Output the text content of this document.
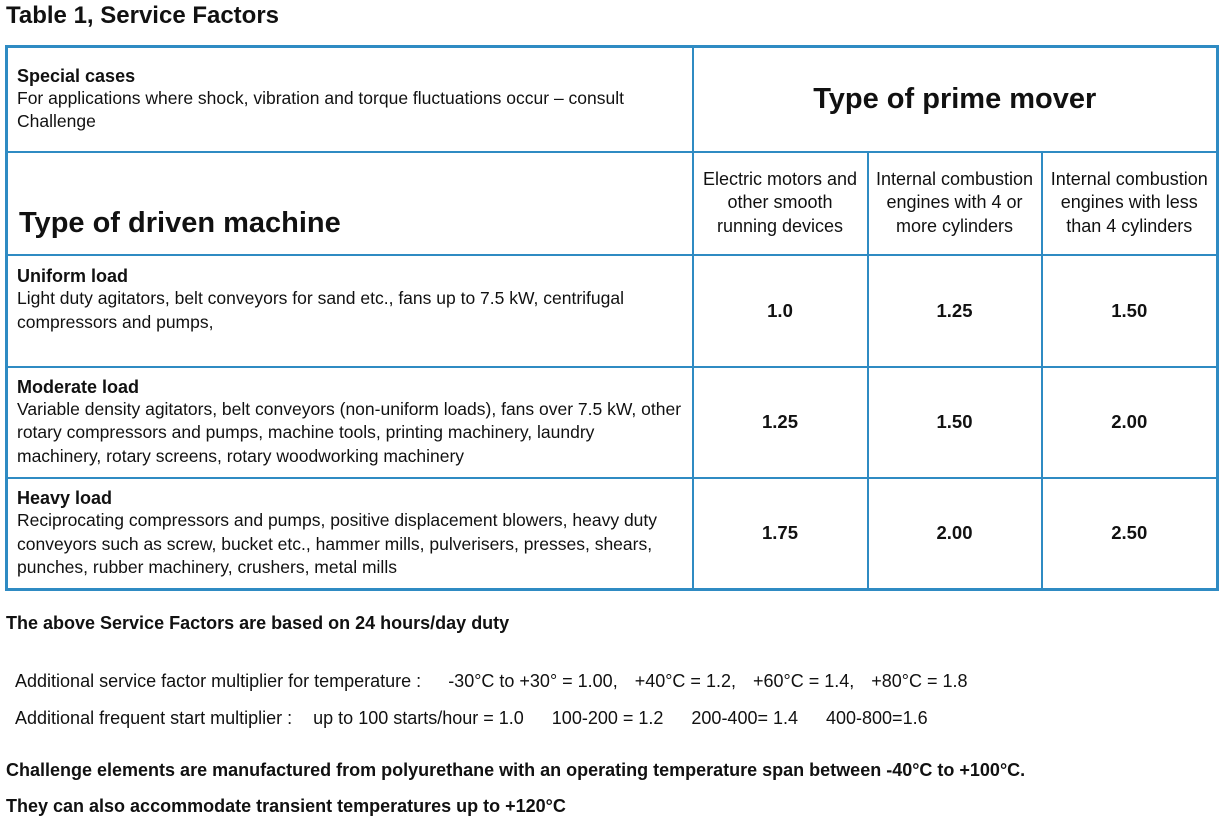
Table 1, Service Factors
Special cases
For applications where shock, vibration and torque fluctuations occur – consult Challenge	Type of prime mover		
Type of driven machine	Electric motors and other smooth running devices	Internal combustion engines with 4 or more cylinders	Internal combustion engines with less than 4 cylinders

Uniform load
Light duty agitators, belt conveyors for sand etc., fans up to 7.5 kW, centrifugal compressors and pumps,	1.0	1.25	1.50

Moderate load
Variable density agitators, belt conveyors (non-uniform loads), fans over 7.5 kW, other rotary compressors and pumps, machine tools, printing machinery, laundry machinery, rotary screens, rotary woodworking machinery	1.25	1.50	2.00

Heavy load
Reciprocating compressors and pumps, positive displacement blowers, heavy duty conveyors such as screw, bucket etc., hammer mills, pulverisers, presses, shears, punches, rubber machinery, crushers, metal mills	1.75	2.00	2.50
The above Service Factors are based on 24 hours/day duty

Additional service factor multiplier for temperature : -30°C to +30° = 1.00, +40°C = 1.2, +60°C = 1.4, +80°C = 1.8

Additional frequent start multiplier : up to 100 starts/hour = 1.0 100-200 = 1.2 200-400= 1.4 400-800=1.6

Challenge elements are manufactured from polyurethane with an operating temperature span between -40°C to +100°C.
They can also accommodate transient temperatures up to +120°C
